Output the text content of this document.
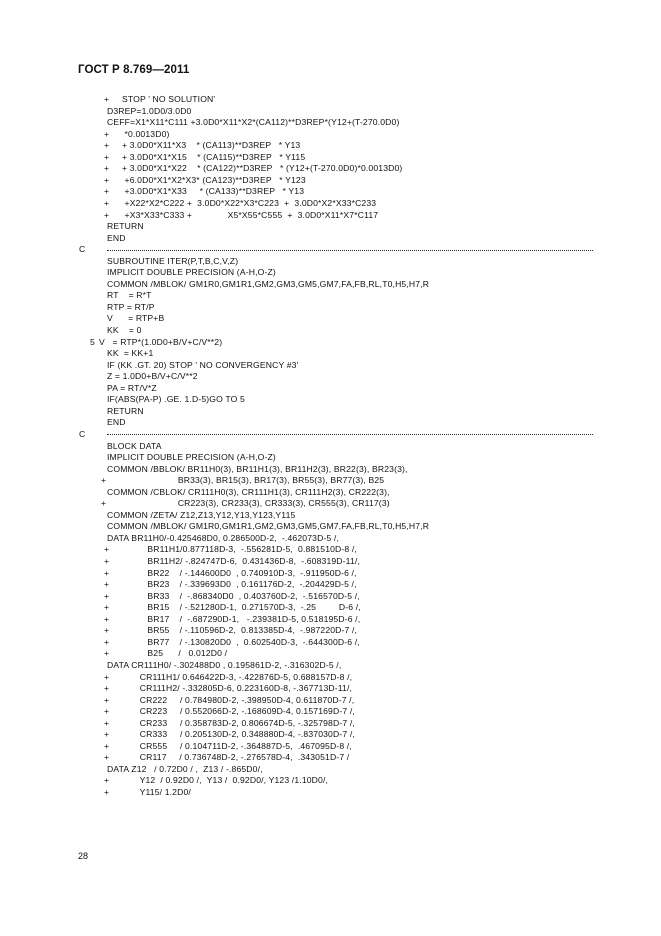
ГОСТ Р 8.769—2011
+ STOP ' NO SOLUTION'
D3REP=1.0D0/3.0D0
CEFF=X1*X11*C111 +3.0D0*X11*X2*(CA112)**D3REP*(Y12+(T-270.0D0)
+ *0.0013D0)
+ + 3.0D0*X11*X3    * (CA113)**D3REP   * Y13
+ + 3.0D0*X1*X15    * (CA115)**D3REP   * Y115
+ + 3.0D0*X1*X22    * (CA122)**D3REP   * (Y12+(T-270.0D0)*0.0013D0)
+ +6.0D0*X1*X2*X3* (CA123)**D3REP   * Y123
+ +3.0D0*X1*X33     * (CA133)**D3REP   * Y13
+ +X22*X2*C222 +  3.0D0*X22*X3*C223  +  3.0D0*X2*X33*C233
+ +X3*X33*C333 +              X5*X55*C555  +  3.0D0*X11*X7*C117
RETURN
END
C
SUBROUTINE ITER(P,T,B,C,V,Z)
IMPLICIT DOUBLE PRECISION (A-H,O-Z)
COMMON /MBLOK/ GM1R0,GM1R1,GM2,GM3,GM5,GM7,FA,FB,RL,T0,H5,H7,R
RT    = R*T
RTP = RT/P
V      = RTP+B
KK    = 0
5 V   = RTP*(1.0D0+B/V+C/V**2)
KK  = KK+1
IF (KK .GT. 20) STOP ' NO CONVERGENCY #3'
Z = 1.0D0+B/V+C/V**2
PA = RT/V*Z
IF(ABS(PA-P) .GE. 1.D-5)GO TO 5
RETURN
END
C
BLOCK DATA
IMPLICIT DOUBLE PRECISION (A-H,O-Z)
COMMON /BBLOK/ BR11H0(3), BR11H1(3), BR11H2(3), BR22(3), BR23(3),
+ BR33(3), BR15(3), BR17(3), BR55(3), BR77(3), B25
COMMON /CBLOK/ CR111H0(3), CR111H1(3), CR111H2(3), CR222(3),
+ CR223(3), CR233(3), CR333(3), CR555(3), CR117(3)
COMMON /ZETA/ Z12,Z13,Y12,Y13,Y123,Y115
COMMON /MBLOK/ GM1R0,GM1R1,GM2,GM3,GM5,GM7,FA,FB,RL,T0,H5,H7,R
DATA BR11H0/-0.425468D0, 0.286500D-2,  -.462073D-5 /,
+ BR11H1/0.877118D-3,  -.556281D-5,  0.881510D-8 /,
+ BR11H2/ -.824747D-6,  0.431436D-8,  -.608319D-11/,
+ BR22    / -.144600D0  , 0.740910D-3,  -.911950D-6 /,
+ BR23    / -.339693D0  , 0.161176D-2,  -.204429D-5 /,
+ BR33    /  -.868340D0  , 0.403760D-2,  -.516570D-5 /,
+ BR15    / -.521280D-1,  0.271570D-3,  -.25         D-6 /,
+ BR17    /  -.687290D-1,   -.239381D-5, 0.518195D-6 /,
+ BR55    / -.110596D-2,  0.813385D-4,  -.987220D-7 /,
+ BR77    / -.130820D0  ,  0.602540D-3,  -.644300D-6 /,
+ B25      /   0.012D0 /
DATA CR111H0/ -.302488D0 , 0.195861D-2, -.316302D-5 /,
+ CR111H1/ 0.646422D-3, -.422876D-5, 0.688157D-8 /,
+ CR111H2/ -.332805D-6, 0.223160D-8, -.367713D-11/,
+ CR222     / 0.784980D-2, -.398950D-4, 0.611870D-7 /,
+ CR223     / 0.552066D-2, -.168609D-4, 0.157169D-7 /,
+ CR233     / 0.358783D-2, 0.806674D-5, -.325798D-7 /,
+ CR333     / 0.205130D-2, 0.348880D-4, -.837030D-7 /,
+ CR555     / 0.104711D-2, -.364887D-5,  .467095D-8 /,
+ CR117     / 0.736748D-2, -.276578D-4,  .343051D-7 /
DATA Z12   / 0.72D0 / ,  Z13 / -.865D0/,
+ Y12  / 0.92D0 /,  Y13 /  0.92D0/, Y123 /1.10D0/,
+ Y115/ 1.2D0/
28
